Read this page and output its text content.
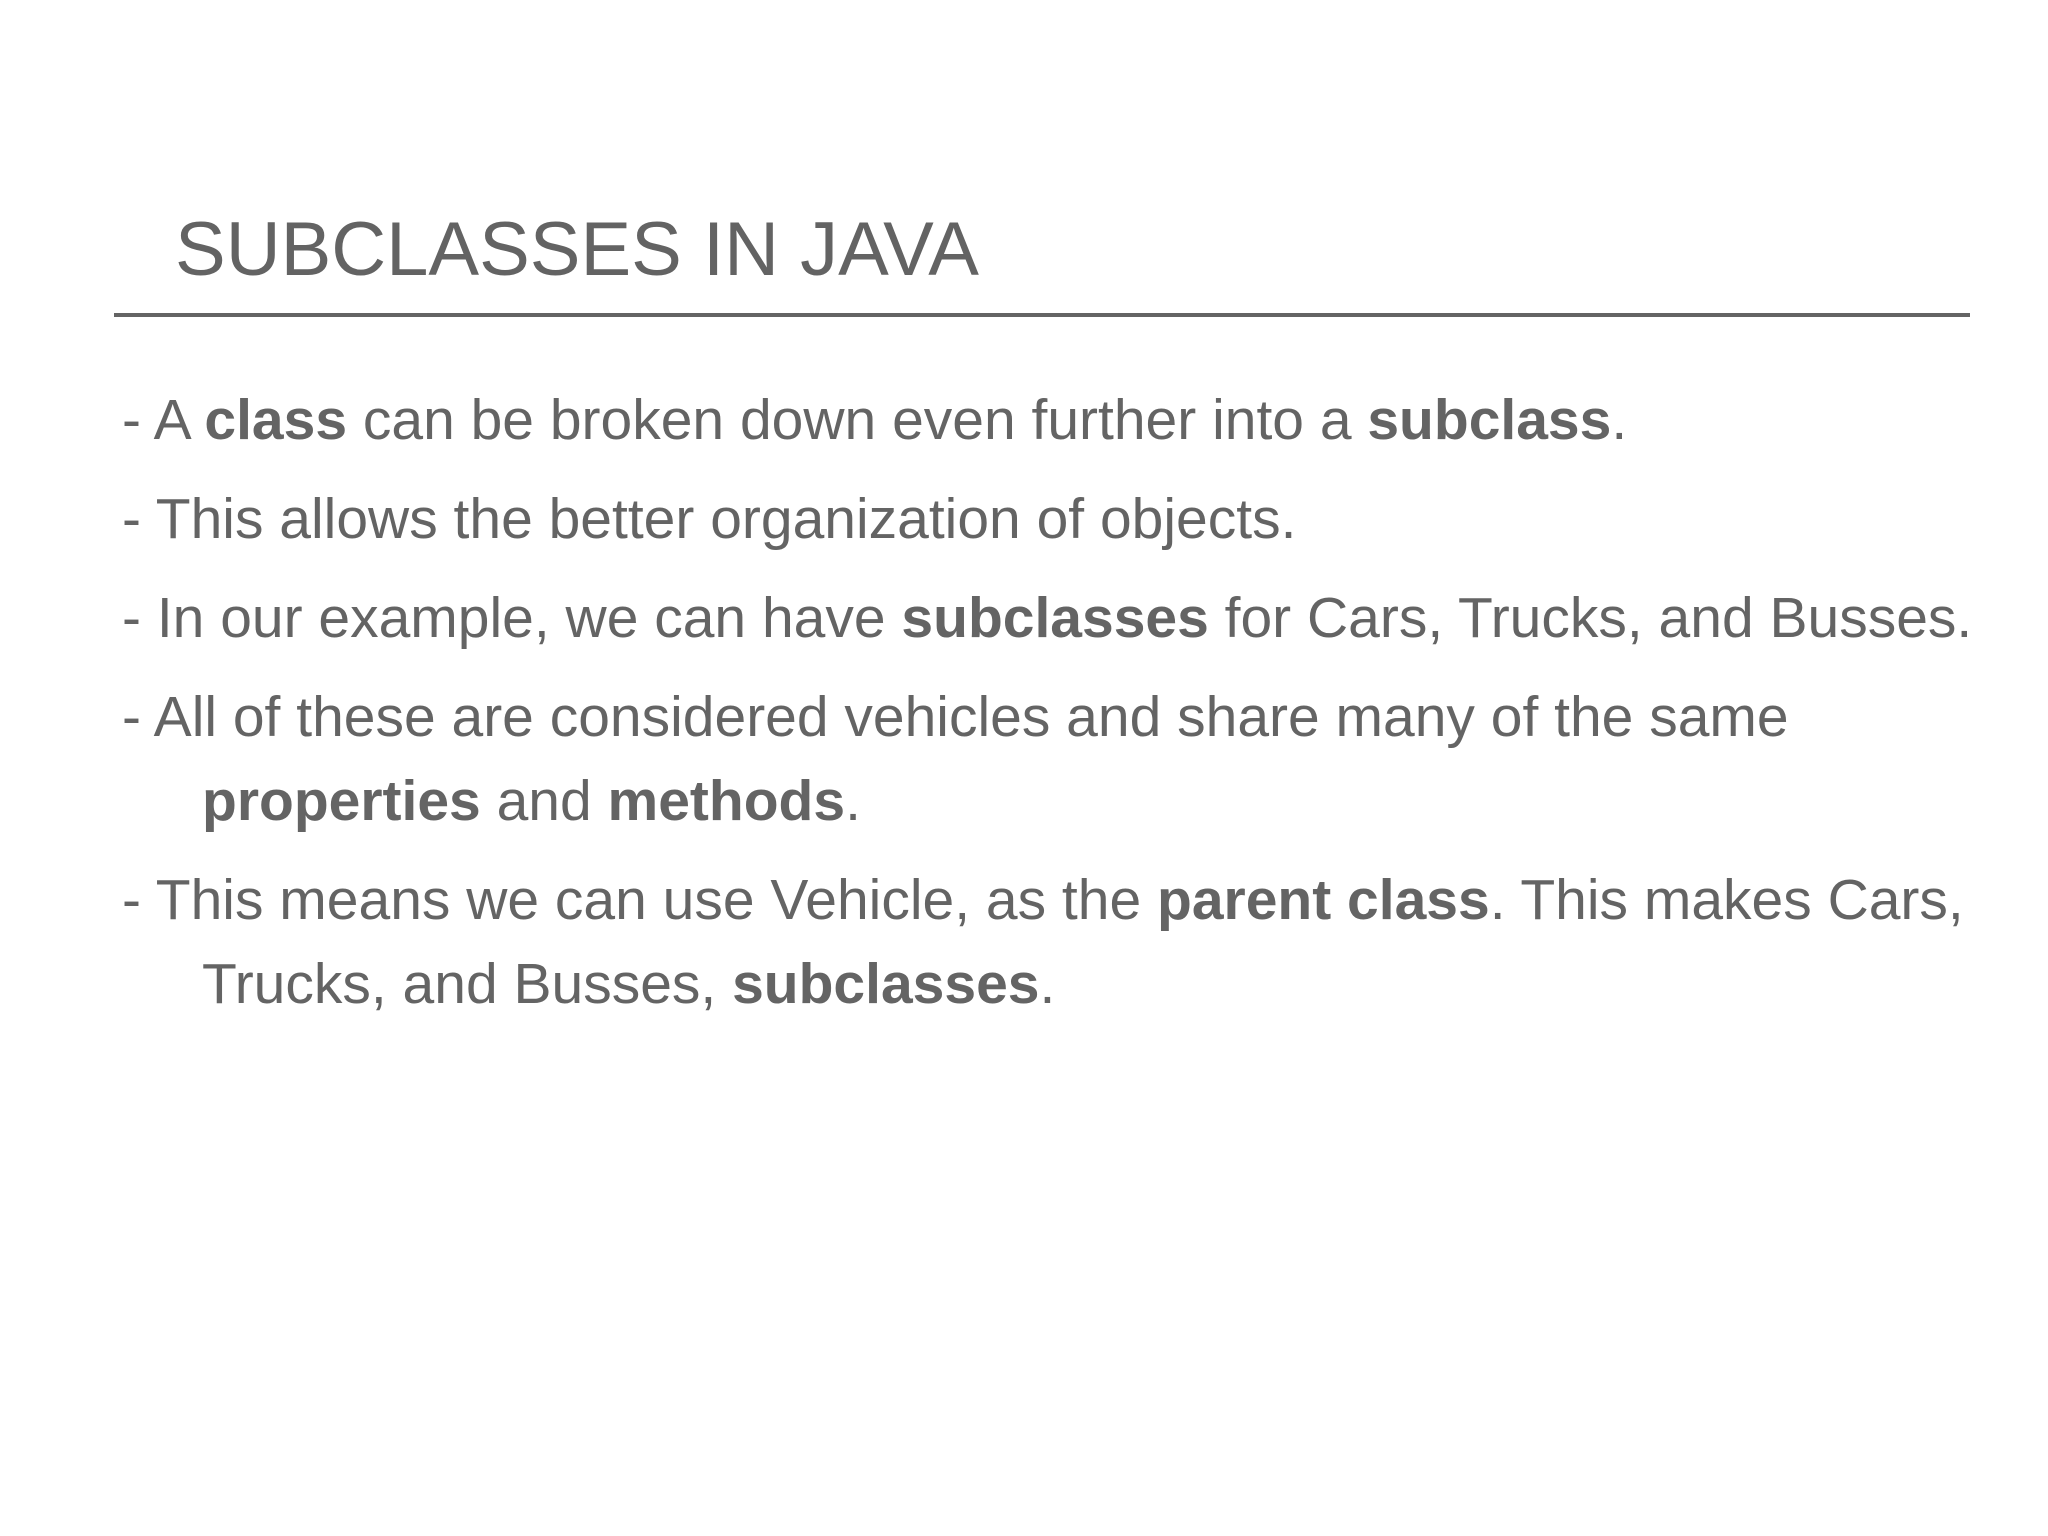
SUBCLASSES IN JAVA
- A class can be broken down even further into a subclass.
- This allows the better organization of objects.
- In our example, we can have subclasses for Cars, Trucks, and Busses.
- All of these are considered vehicles and share many of the same properties and methods.
- This means we can use Vehicle, as the parent class. This makes Cars, Trucks, and Busses, subclasses.
